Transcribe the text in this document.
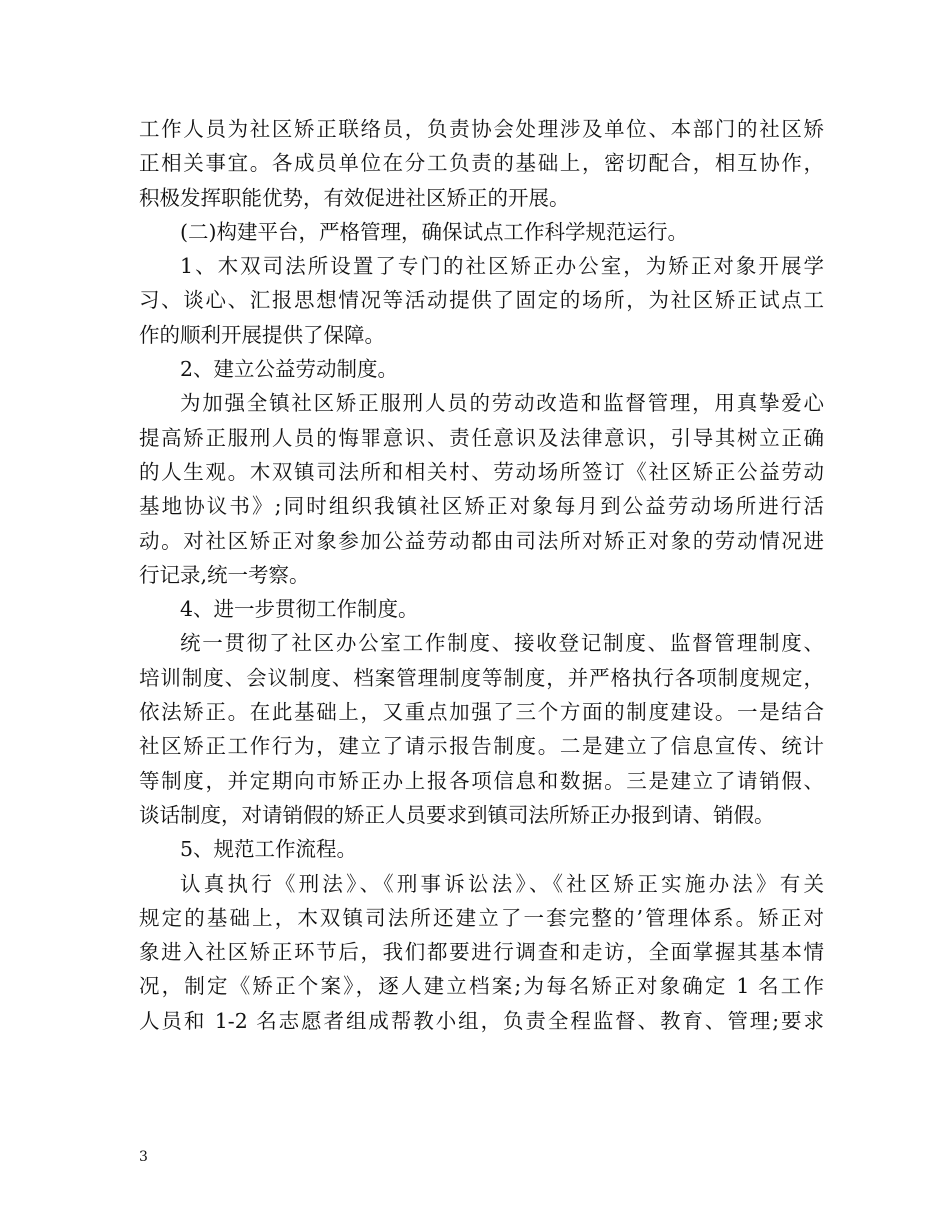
工作人员为社区矫正联络员，负责协会处理涉及单位、本部门的社区矫
正相关事宜。各成员单位在分工负责的基础上，密切配合，相互协作，
积极发挥职能优势，有效促进社区矫正的开展。
(二)构建平台，严格管理，确保试点工作科学规范运行。
1、木双司法所设置了专门的社区矫正办公室，为矫正对象开展学
习、谈心、汇报思想情况等活动提供了固定的场所，为社区矫正试点工
作的顺利开展提供了保障。
2、建立公益劳动制度。
为加强全镇社区矫正服刑人员的劳动改造和监督管理，用真挚爱心
提高矫正服刑人员的悔罪意识、责任意识及法律意识，引导其树立正确
的人生观。木双镇司法所和相关村、劳动场所签订《社区矫正公益劳动
基地协议书》;同时组织我镇社区矫正对象每月到公益劳动场所进行活
动。对社区矫正对象参加公益劳动都由司法所对矫正对象的劳动情况进
行记录,统一考察。
4、进一步贯彻工作制度。
统一贯彻了社区办公室工作制度、接收登记制度、监督管理制度、
培训制度、会议制度、档案管理制度等制度，并严格执行各项制度规定，
依法矫正。在此基础上，又重点加强了三个方面的制度建设。一是结合
社区矫正工作行为，建立了请示报告制度。二是建立了信息宣传、统计
等制度，并定期向市矫正办上报各项信息和数据。三是建立了请销假、
谈话制度，对请销假的矫正人员要求到镇司法所矫正办报到请、销假。
5、规范工作流程。
认真执行《刑法》、《刑事诉讼法》、《社区矫正实施办法》有关
规定的基础上，木双镇司法所还建立了一套完整的’管理体系。矫正对
象进入社区矫正环节后，我们都要进行调查和走访，全面掌握其基本情
况，制定《矫正个案》，逐人建立档案;为每名矫正对象确定 1 名工作
人员和 1-2 名志愿者组成帮教小组，负责全程监督、教育、管理;要求
3
